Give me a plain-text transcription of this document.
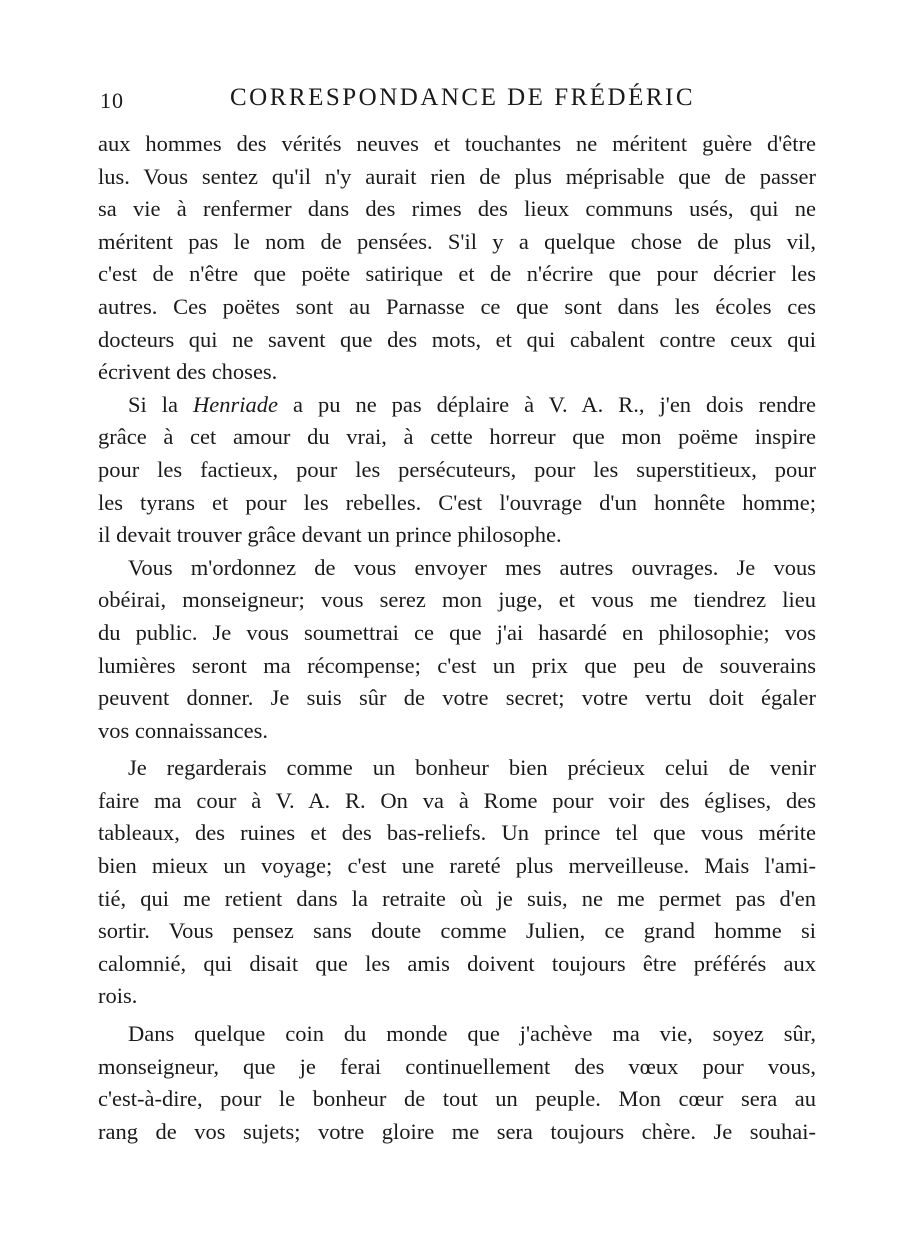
10	CORRESPONDANCE DE FRÉDÉRIC
aux hommes des vérités neuves et touchantes ne méritent guère d'être
lus. Vous sentez qu'il n'y aurait rien de plus méprisable que de passer
sa vie à renfermer dans des rimes des lieux communs usés, qui ne
méritent pas le nom de pensées. S'il y a quelque chose de plus vil,
c'est de n'être que poëte satirique et de n'écrire que pour décrier les
autres. Ces poëtes sont au Parnasse ce que sont dans les écoles ces
docteurs qui ne savent que des mots, et qui cabalent contre ceux qui
écrivent des choses.
Si la Henriade a pu ne pas déplaire à V. A. R., j'en dois rendre
grâce à cet amour du vrai, à cette horreur que mon poëme inspire
pour les factieux, pour les persécuteurs, pour les superstitieux, pour
les tyrans et pour les rebelles. C'est l'ouvrage d'un honnête homme;
il devait trouver grâce devant un prince philosophe.
Vous m'ordonnez de vous envoyer mes autres ouvrages. Je vous
obéirai, monseigneur; vous serez mon juge, et vous me tiendrez lieu
du public. Je vous soumettrai ce que j'ai hasardé en philosophie; vos
lumières seront ma récompense; c'est un prix que peu de souverains
peuvent donner. Je suis sûr de votre secret; votre vertu doit égaler
vos connaissances.
Je regarderais comme un bonheur bien précieux celui de venir
faire ma cour à V. A. R. On va à Rome pour voir des églises, des
tableaux, des ruines et des bas-reliefs. Un prince tel que vous mérite
bien mieux un voyage; c'est une rareté plus merveilleuse. Mais l'ami-
tié, qui me retient dans la retraite où je suis, ne me permet pas d'en
sortir. Vous pensez sans doute comme Julien, ce grand homme si
calomnié, qui disait que les amis doivent toujours être préférés aux
rois.
Dans quelque coin du monde que j'achève ma vie, soyez sûr,
monseigneur, que je ferai continuellement des vœux pour vous,
c'est-à-dire, pour le bonheur de tout un peuple. Mon cœur sera au
rang de vos sujets; votre gloire me sera toujours chère. Je souhai-
